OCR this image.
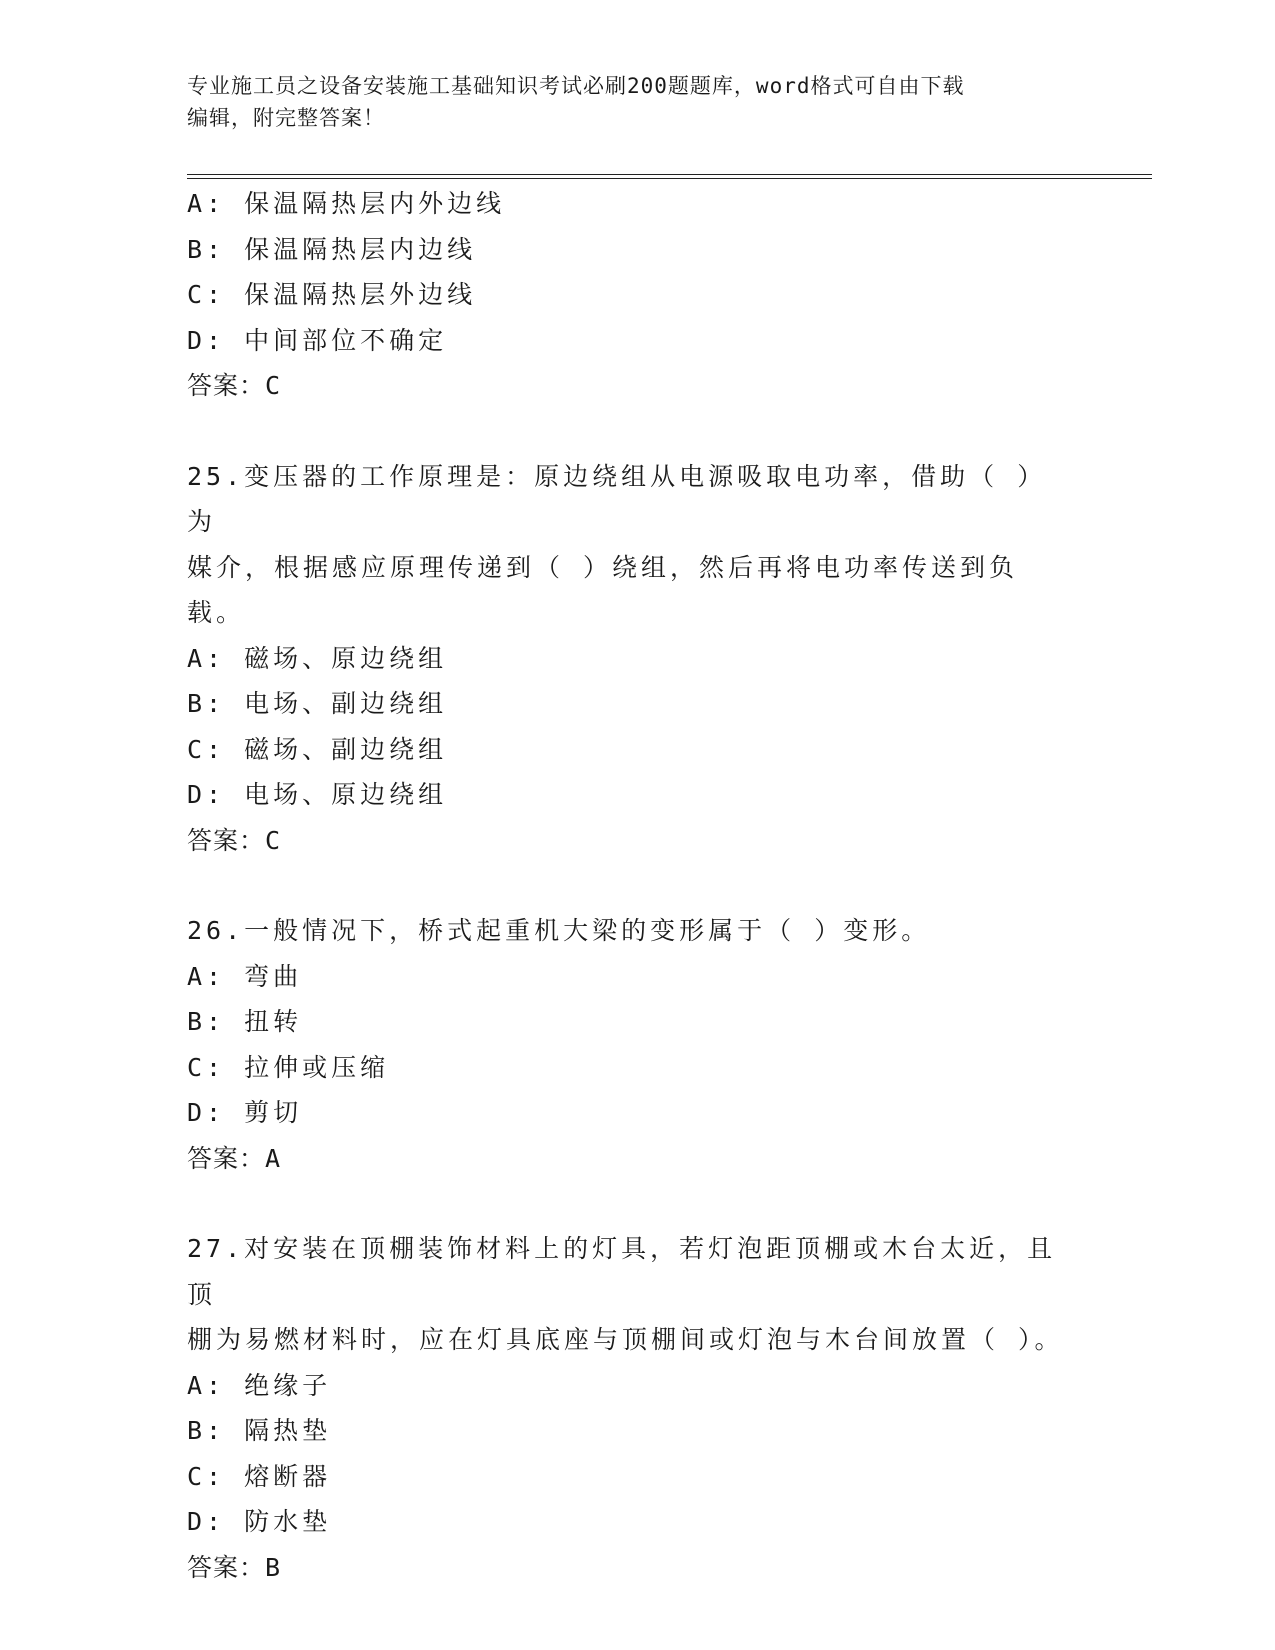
专业施工员之设备安装施工基础知识考试必刷200题题库，word格式可自由下载
编辑，附完整答案！
A: 保温隔热层内外边线
B: 保温隔热层内边线
C: 保温隔热层外边线
D: 中间部位不确定
答案：C
25.变压器的工作原理是：原边绕组从电源吸取电功率，借助（ ）为
媒介，根据感应原理传递到（ ）绕组，然后再将电功率传送到负载。
A: 磁场、原边绕组
B: 电场、副边绕组
C: 磁场、副边绕组
D: 电场、原边绕组
答案：C
26.一般情况下，桥式起重机大梁的变形属于（ ）变形。
A: 弯曲
B: 扭转
C: 拉伸或压缩
D: 剪切
答案：A
27.对安装在顶棚装饰材料上的灯具，若灯泡距顶棚或木台太近，且顶
棚为易燃材料时，应在灯具底座与顶棚间或灯泡与木台间放置（ ）。
A: 绝缘子
B: 隔热垫
C: 熔断器
D: 防水垫
答案：B
